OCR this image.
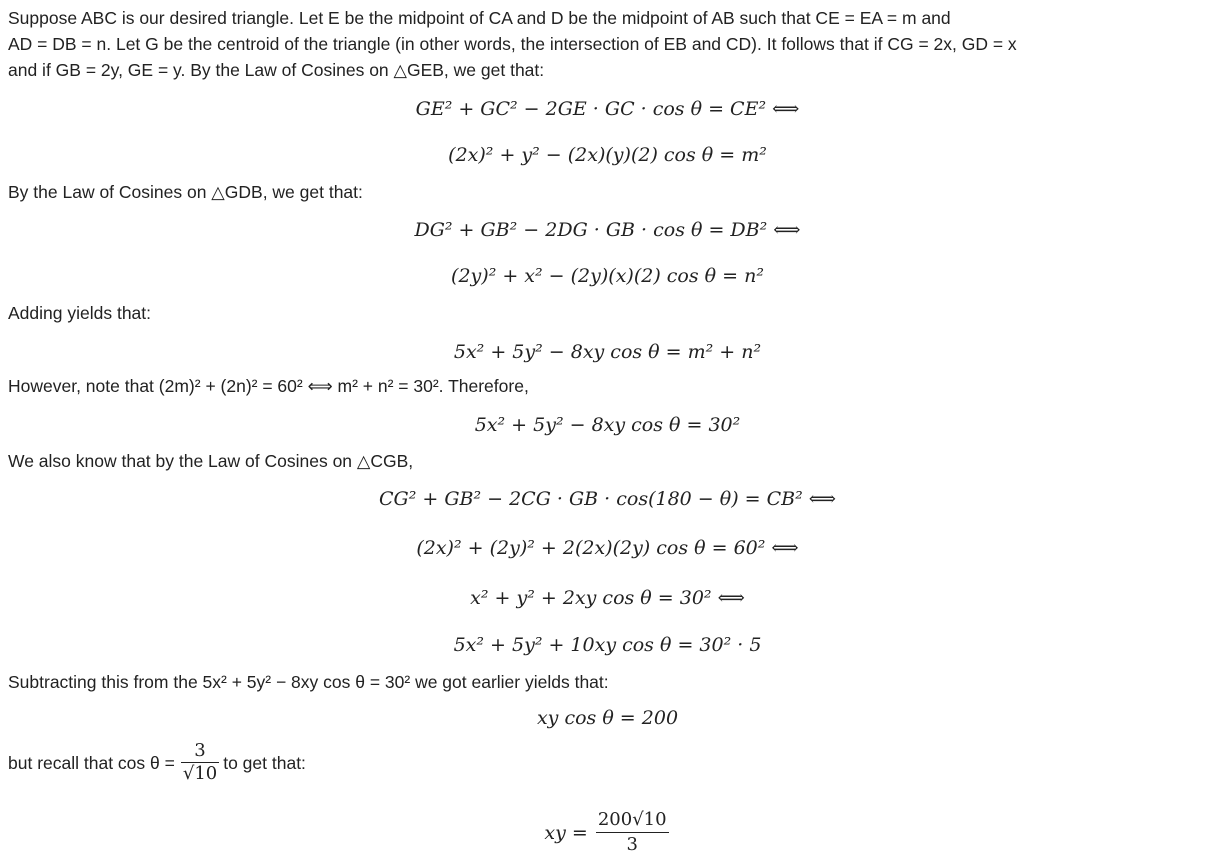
Suppose ABC is our desired triangle. Let E be the midpoint of CA and D be the midpoint of AB such that CE = EA = m and
AD = DB = n. Let G be the centroid of the triangle (in other words, the intersection of EB and CD). It follows that if CG = 2x, GD = x
and if GB = 2y, GE = y. By the Law of Cosines on △GEB, we get that:
GE² + GC² − 2GE · GC · cos θ = CE² ⟺
(2x)² + y² − (2x)(y)(2) cos θ = m²
By the Law of Cosines on △GDB, we get that:
DG² + GB² − 2DG · GB · cos θ = DB² ⟺
(2y)² + x² − (2y)(x)(2) cos θ = n²
Adding yields that:
5x² + 5y² − 8xy cos θ = m² + n²
However, note that (2m)² + (2n)² = 60² ⟺ m² + n² = 30². Therefore,
5x² + 5y² − 8xy cos θ = 30²
We also know that by the Law of Cosines on △CGB,
CG² + GB² − 2CG · GB · cos(180 − θ) = CB² ⟺
(2x)² + (2y)² + 2(2x)(2y) cos θ = 60² ⟺
x² + y² + 2xy cos θ = 30² ⟺
5x² + 5y² + 10xy cos θ = 30² · 5
Subtracting this from the 5x² + 5y² − 8xy cos θ = 30² we got earlier yields that:
xy cos θ = 200
but recall that $\cos \theta = \frac{3}{√10}$ to get that:
xy = $\frac{200√10}{3}$
